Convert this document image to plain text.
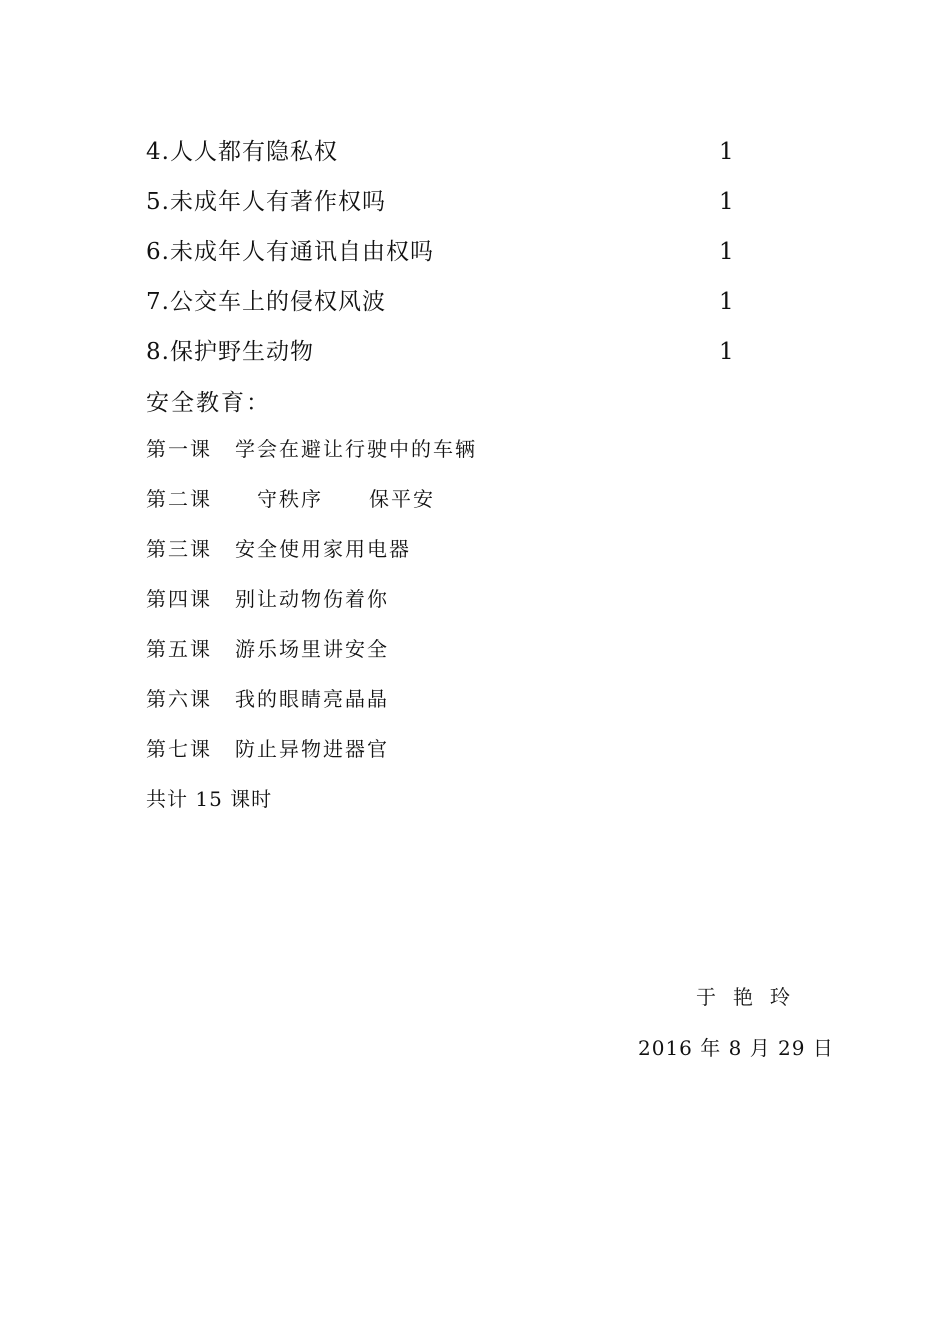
4.人人都有隐私权	1
5.未成年人有著作权吗	1
6.未成年人有通讯自由权吗	1
7.公交车上的侵权风波	1
8.保护野生动物	1
安全教育：
第一课 学会在避让行驶中的车辆
第二课 守秩序 保平安
第三课 安全使用家用电器
第四课 别让动物伤着你
第五课 游乐场里讲安全
第六课 我的眼睛亮晶晶
第七课 防止异物进器官
共计 15 课时
于艳玲
2016 年 8 月 29 日
